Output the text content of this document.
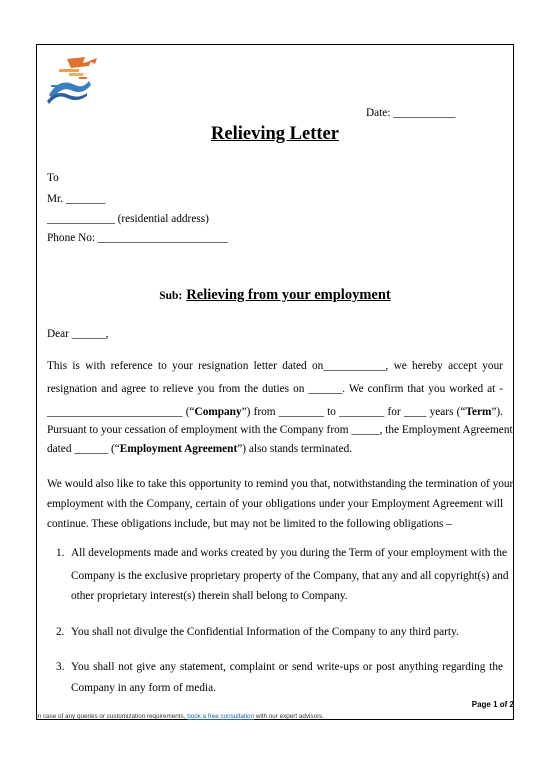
Date: ___________
Relieving Letter
To
Mr. _______
____________ (residential address)
Phone No: _______________________
Sub: Relieving from your employment
Dear ______,
This is with reference to your resignation letter dated on___________, we hereby accept your
resignation and agree to relieve you from the duties on ______. We confirm that you worked at -
________________________ (“Company”) from ________ to ________ for ____ years (“Term”).
Pursuant to your cessation of employment with the Company from _____, the Employment Agreement
dated ______ (“Employment Agreement”) also stands terminated.
We would also like to take this opportunity to remind you that, notwithstanding the termination of your
employment with the Company, certain of your obligations under your Employment Agreement will
continue. These obligations include, but may not be limited to the following obligations –
1. All developments made and works created by you during the Term of your employment with the
Company is the exclusive proprietary property of the Company, that any and all copyright(s) and
other proprietary interest(s) therein shall belong to Company.
2. You shall not divulge the Confidential Information of the Company to any third party.
3. You shall not give any statement, complaint or send write-ups or post anything regarding the
Company in any form of media.
Page 1 of 2
In case of any queries or customization requirements, book a free consultation with our expert advisors.
